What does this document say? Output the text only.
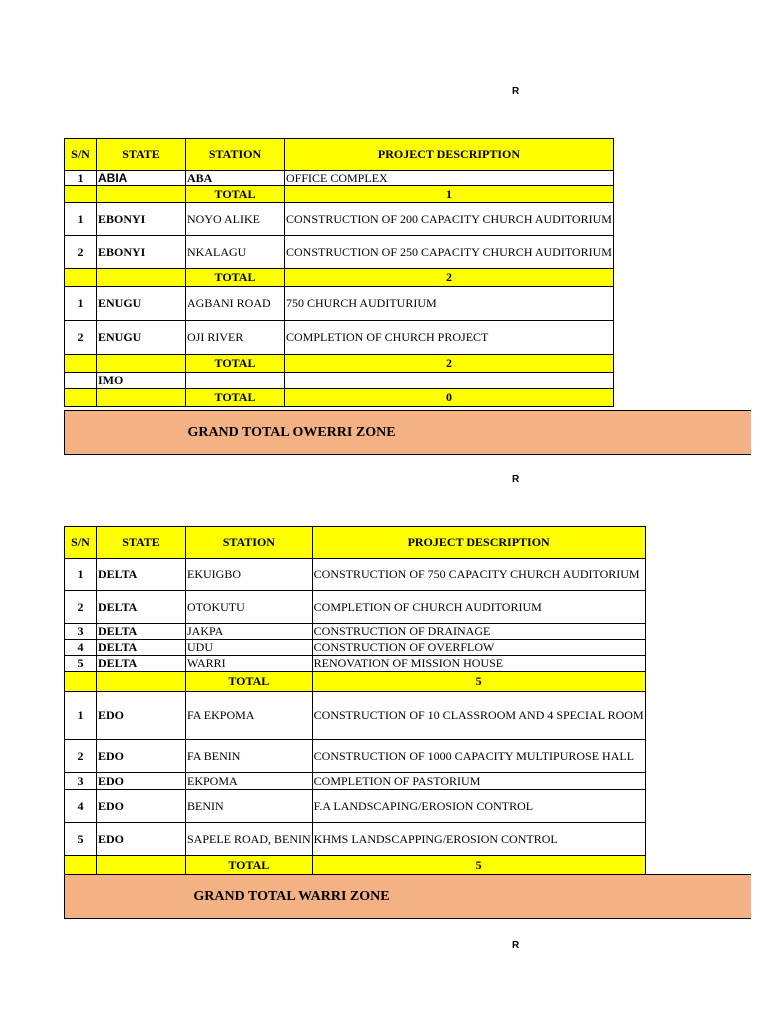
R
S/N	STATE	STATION	PROJECT DESCRIPTION
1	ABIA	ABA	OFFICE COMPLEX
		TOTAL	1
1	EBONYI	NOYO ALIKE	CONSTRUCTION OF 200 CAPACITY CHURCH AUDITORIUM
2	EBONYI	NKALAGU	CONSTRUCTION OF 250 CAPACITY CHURCH AUDITORIUM
		TOTAL	2
1	ENUGU	AGBANI ROAD	750 CHURCH AUDITURIUM
2	ENUGU	OJI RIVER	COMPLETION OF CHURCH PROJECT
		TOTAL	2
	IMO		
		TOTAL	0
GRAND TOTAL OWERRI ZONE
R
S/N	STATE	STATION	PROJECT DESCRIPTION
1	DELTA	EKUIGBO	CONSTRUCTION OF 750 CAPACITY CHURCH AUDITORIUM
2	DELTA	OTOKUTU	COMPLETION OF CHURCH AUDITORIUM
3	DELTA	JAKPA	CONSTRUCTION OF DRAINAGE
4	DELTA	UDU	CONSTRUCTION OF OVERFLOW
5	DELTA	WARRI	RENOVATION OF MISSION HOUSE
		TOTAL	5
1	EDO	FA EKPOMA	CONSTRUCTION OF 10 CLASSROOM AND 4 SPECIAL ROOM
2	EDO	FA BENIN	CONSTRUCTION OF 1000 CAPACITY MULTIPUROSE HALL
3	EDO	EKPOMA	COMPLETION OF PASTORIUM
4	EDO	BENIN	F.A LANDSCAPING/EROSION CONTROL
5	EDO	SAPELE ROAD, BENIN	KHMS LANDSCAPPING/EROSION CONTROL
		TOTAL	5
GRAND TOTAL WARRI ZONE
R
